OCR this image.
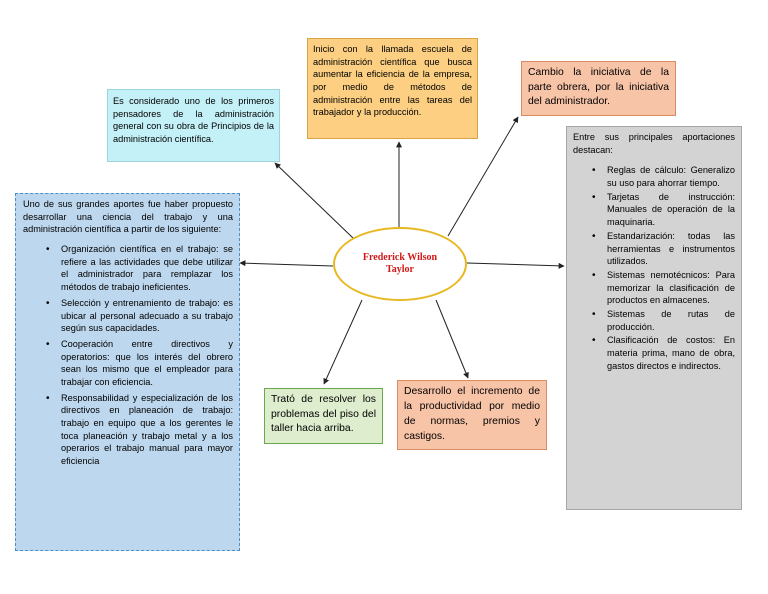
Frederick Wilson Taylor

Es considerado uno de los primeros pensadores de la administración general con su obra de Principios de la administración científica.

Inicio con la llamada escuela de administración científica que busca aumentar la eficiencia de la empresa, por medio de métodos de administración entre las tareas del trabajador y la producción.

Cambio la iniciativa de la parte obrera, por la iniciativa del administrador.

Uno de sus grandes aportes fue haber propuesto desarrollar una ciencia del trabajo y una administración científica a partir de los siguiente:

• Organización científica en el trabajo: se refiere a las actividades que debe utilizar el administrador para remplazar los métodos de trabajo ineficientes.
• Selección y entrenamiento de trabajo: es ubicar al personal adecuado a su trabajo según sus capacidades.
• Cooperación entre directivos y operatorios: que los interés del obrero sean los mismo que el empleador para trabajar con eficiencia.
• Responsabilidad y especialización de los directivos en planeación de trabajo: trabajo en equipo que a los gerentes le toca planeación y trabajo metal y a los operarios el trabajo manual para mayor eficiencia

Entre sus principales aportaciones destacan:

• Reglas de cálculo: Generalizo su uso para ahorrar tiempo.
• Tarjetas de instrucción: Manuales de operación de la maquinaria.
• Estandarización: todas las herramientas e instrumentos utilizados.
• Sistemas nemotécnicos: Para memorizar la clasificación de productos en almacenes.
• Sistemas de rutas de producción.
• Clasificación de costos: En materia prima, mano de obra, gastos directos e indirectos.

Trató de resolver los problemas del piso del taller hacia arriba.

Desarrollo el incremento de la productividad por medio de normas, premios y castigos.
